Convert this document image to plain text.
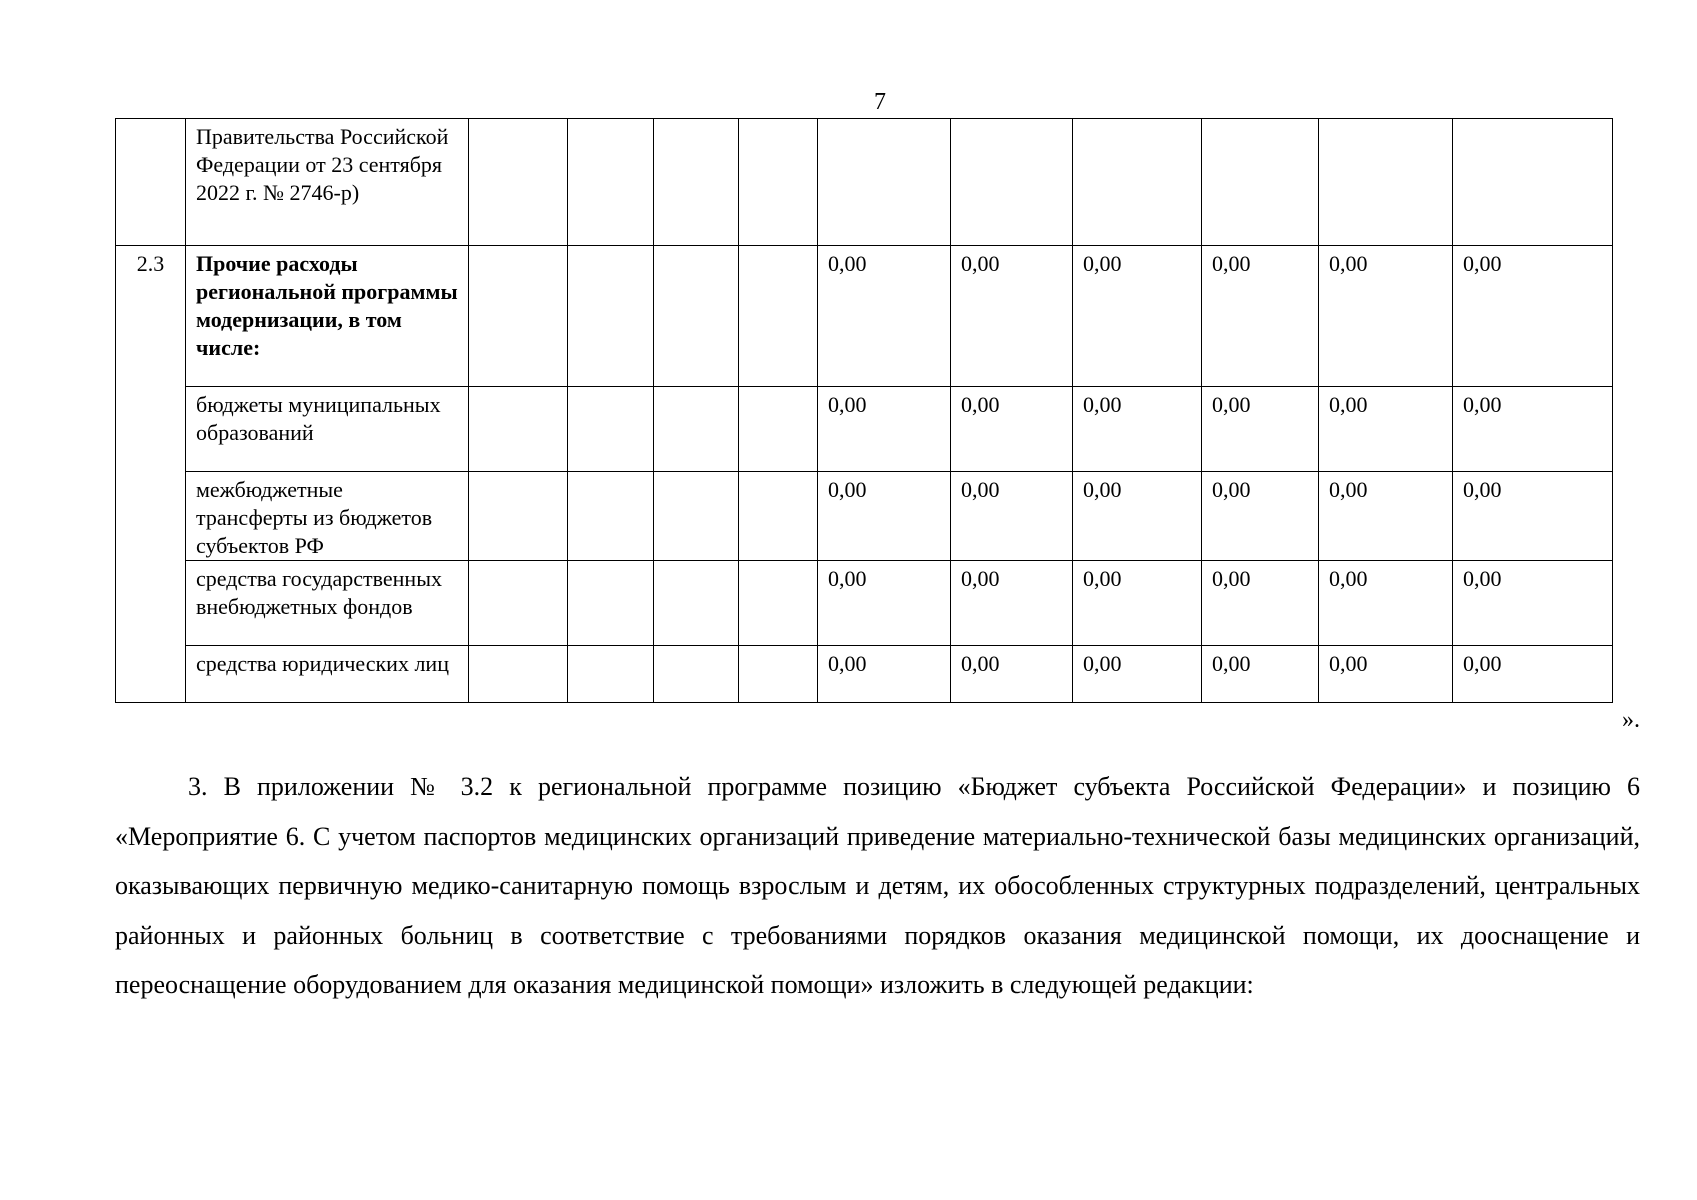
7
	Правительства Российской Федерации от 23 сентября 2022 г. № 2746-р)										
2.3	Прочие расходы региональной программы модернизации, в том числе:					0,00	0,00	0,00	0,00	0,00	0,00
	бюджеты муниципальных образований					0,00	0,00	0,00	0,00	0,00	0,00
	межбюджетные трансферты из бюджетов субъектов РФ					0,00	0,00	0,00	0,00	0,00	0,00
	средства государственных внебюджетных фондов					0,00	0,00	0,00	0,00	0,00	0,00
	средства юридических лиц					0,00	0,00	0,00	0,00	0,00	0,00
».

3. В приложении № 3.2 к региональной программе позицию «Бюджет субъекта Российской Федерации» и позицию 6 «Мероприятие 6. С учетом паспортов медицинских организаций приведение материально-технической базы медицинских организаций, оказывающих первичную медико-санитарную помощь взрослым и детям, их обособленных структурных подразделений, центральных районных и районных больниц в соответствие с требованиями порядков оказания медицинской помощи, их дооснащение и переоснащение оборудованием для оказания медицинской помощи» изложить в следующей редакции:
